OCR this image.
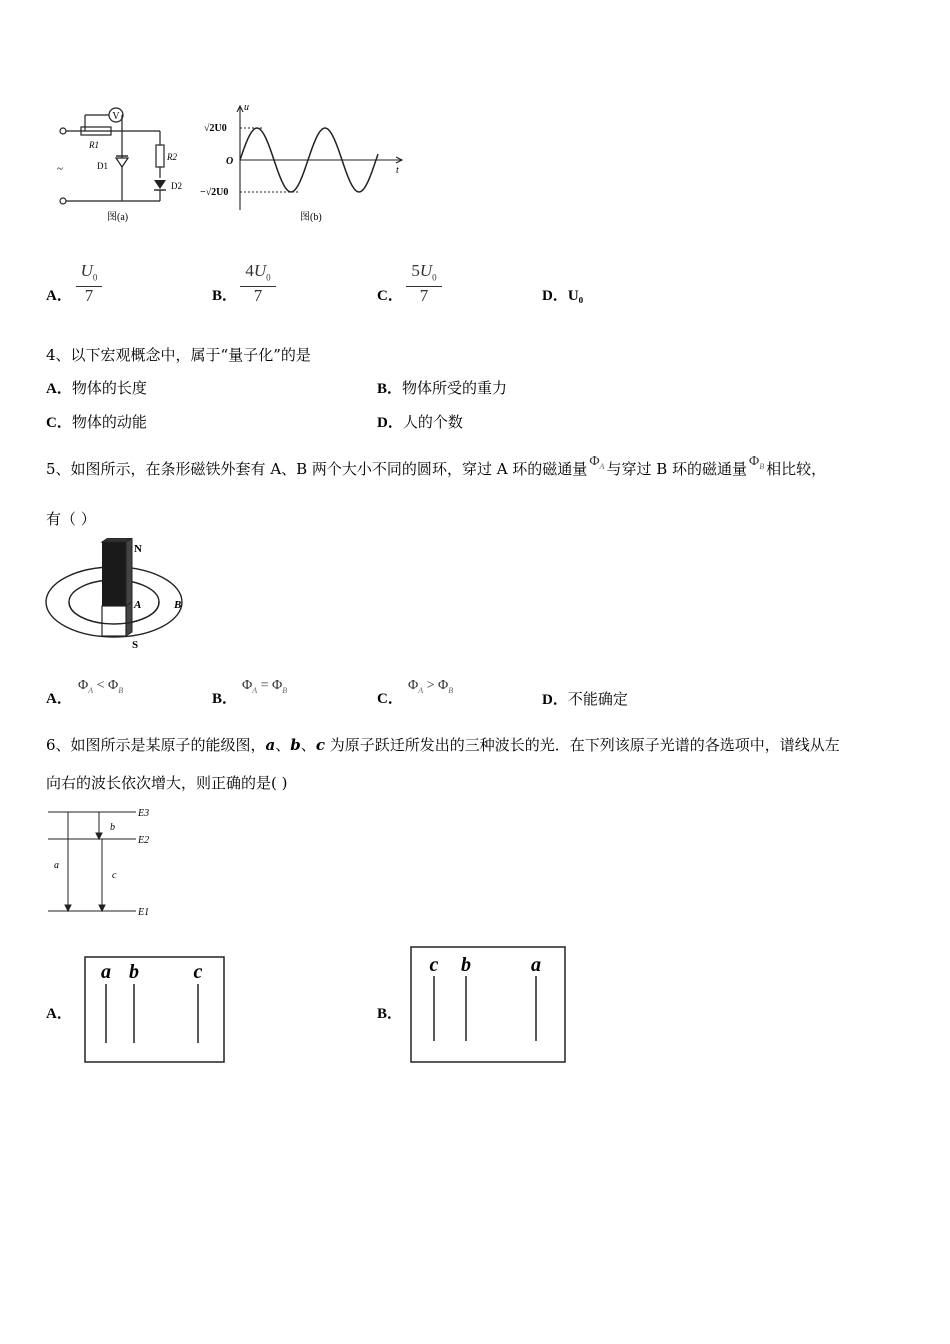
V
R1
R2
D1
D2
~
图(a)
u
t
O
√2U0
−√2U0
图(b)
A． $\frac{U_0}{7}$	B． $\frac{4U_0}{7}$	C． $\frac{5U_0}{7}$	D．U₀
4、以下宏观概念中，属于“量子化”的是
A．物体的长度	B．物体所受的重力
C．物体的动能	D．人的个数
5、如图所示，在条形磁铁外套有 A、B 两个大小不同的圆环，穿过 A 环的磁通量 $\Phi_A$ 与穿过 B 环的磁通量 $\Phi_B$ 相比较，
有（ ）
N
S
A	B
A．
$\Phi_A < \Phi_B$
B．
$\Phi_A = \Phi_B$
C．
$\Phi_A > \Phi_B$
D．不能确定
6、如图所示是某原子的能级图，a、b、c 为原子跃迁所发出的三种波长的光．在下列该原子光谱的各选项中，谱线从左
向右的波长依次增大，则正确的是( )
E3
E2
E1
a
b
c
A．
a b	c
B．
c b	a
